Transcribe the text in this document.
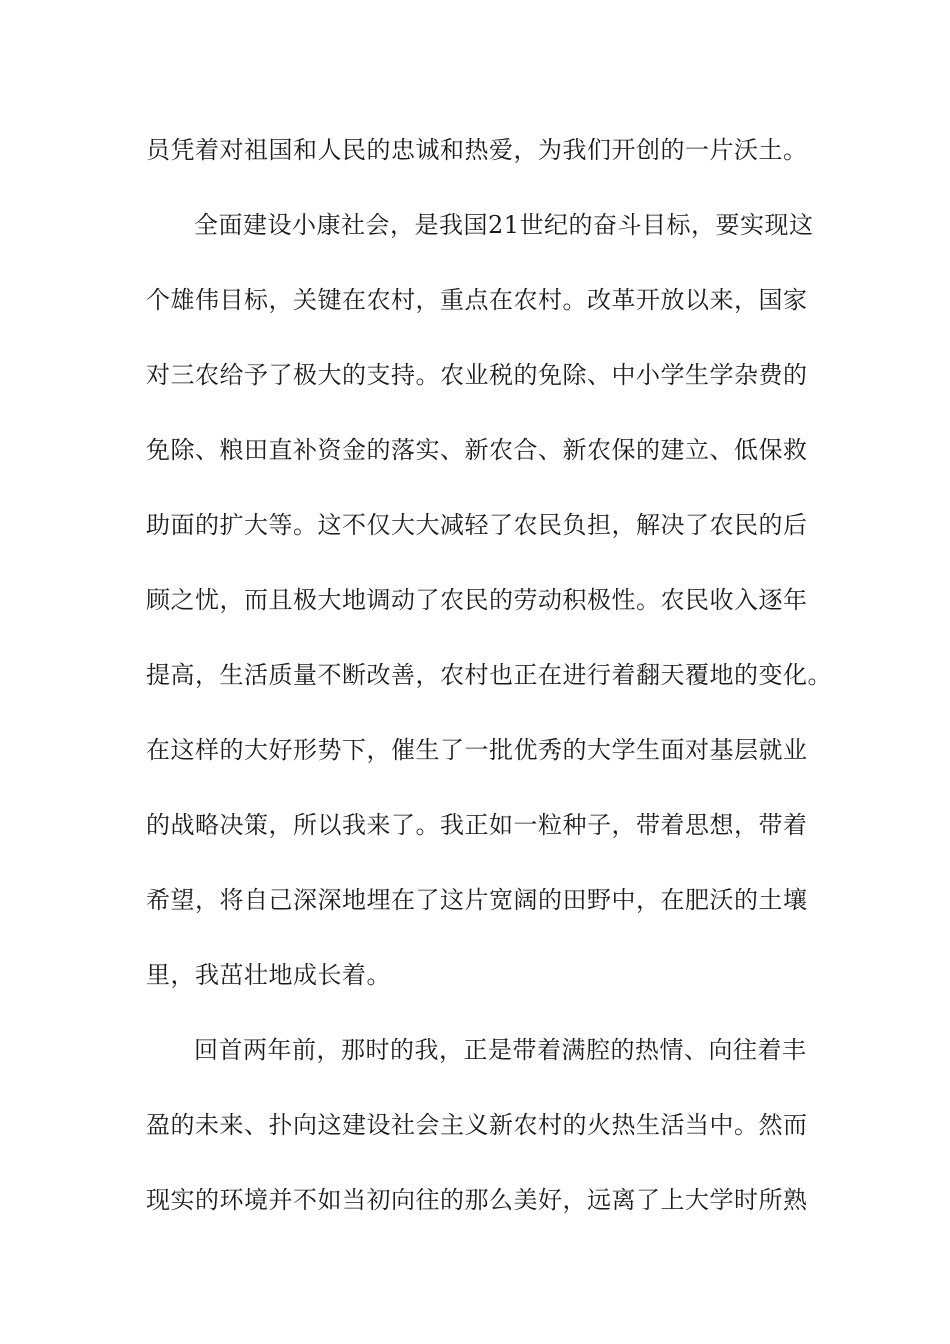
员凭着对祖国和人民的忠诚和热爱，为我们开创的一片沃土。
全面建设小康社会，是我国21世纪的奋斗目标，要实现这
个雄伟目标，关键在农村，重点在农村。改革开放以来，国家
对三农给予了极大的支持。农业税的免除、中小学生学杂费的
免除、粮田直补资金的落实、新农合、新农保的建立、低保救
助面的扩大等。这不仅大大减轻了农民负担，解决了农民的后
顾之忧，而且极大地调动了农民的劳动积极性。农民收入逐年
提高，生活质量不断改善，农村也正在进行着翻天覆地的变化。
在这样的大好形势下，催生了一批优秀的大学生面对基层就业
的战略决策，所以我来了。我正如一粒种子，带着思想，带着
希望，将自己深深地埋在了这片宽阔的田野中，在肥沃的土壤
里，我茁壮地成长着。
回首两年前，那时的我，正是带着满腔的热情、向往着丰
盈的未来、扑向这建设社会主义新农村的火热生活当中。然而
现实的环境并不如当初向往的那么美好，远离了上大学时所熟
